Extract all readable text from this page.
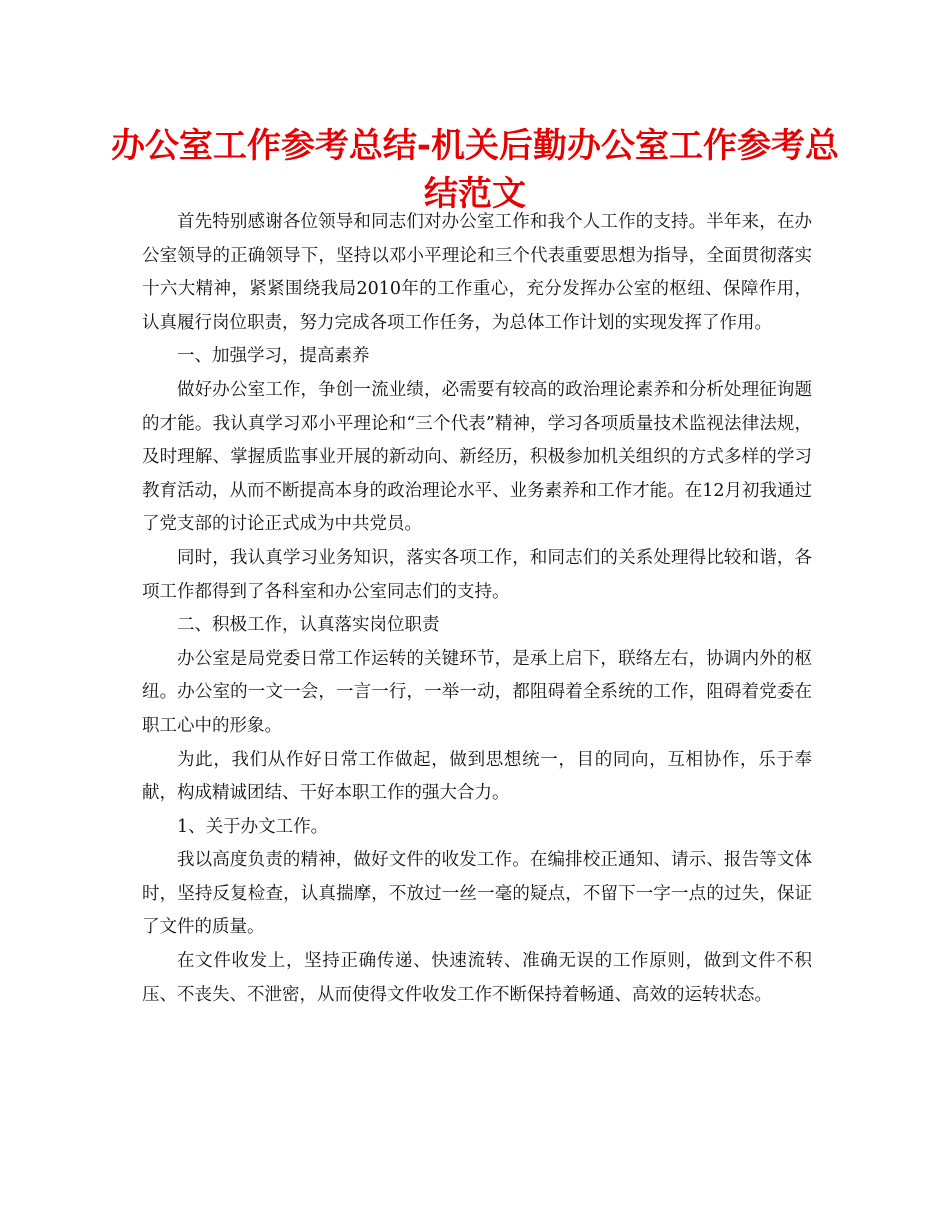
办公室工作参考总结-机关后勤办公室工作参考总结范文

首先特别感谢各位领导和同志们对办公室工作和我个人工作的支持。半年来，在办公室领导的正确领导下，坚持以邓小平理论和三个代表重要思想为指导，全面贯彻落实十六大精神，紧紧围绕我局2010年的工作重心，充分发挥办公室的枢纽、保障作用，认真履行岗位职责，努力完成各项工作任务，为总体工作计划的实现发挥了作用。

一、加强学习，提高素养

做好办公室工作，争创一流业绩，必需要有较高的政治理论素养和分析处理征询题的才能。我认真学习邓小平理论和“三个代表”精神，学习各项质量技术监视法律法规，及时理解、掌握质监事业开展的新动向、新经历，积极参加机关组织的方式多样的学习教育活动，从而不断提高本身的政治理论水平、业务素养和工作才能。在12月初我通过了党支部的讨论正式成为中共党员。

同时，我认真学习业务知识，落实各项工作，和同志们的关系处理得比较和谐，各项工作都得到了各科室和办公室同志们的支持。

二、积极工作，认真落实岗位职责

办公室是局党委日常工作运转的关键环节，是承上启下，联络左右，协调内外的枢纽。办公室的一文一会，一言一行，一举一动，都阻碍着全系统的工作，阻碍着党委在职工心中的形象。

为此，我们从作好日常工作做起，做到思想统一，目的同向，互相协作，乐于奉献，构成精诚团结、干好本职工作的强大合力。

1、关于办文工作。

我以高度负责的精神，做好文件的收发工作。在编排校正通知、请示、报告等文体时，坚持反复检查，认真揣摩，不放过一丝一毫的疑点，不留下一字一点的过失，保证了文件的质量。

在文件收发上，坚持正确传递、快速流转、准确无误的工作原则，做到文件不积压、不丧失、不泄密，从而使得文件收发工作不断保持着畅通、高效的运转状态。
